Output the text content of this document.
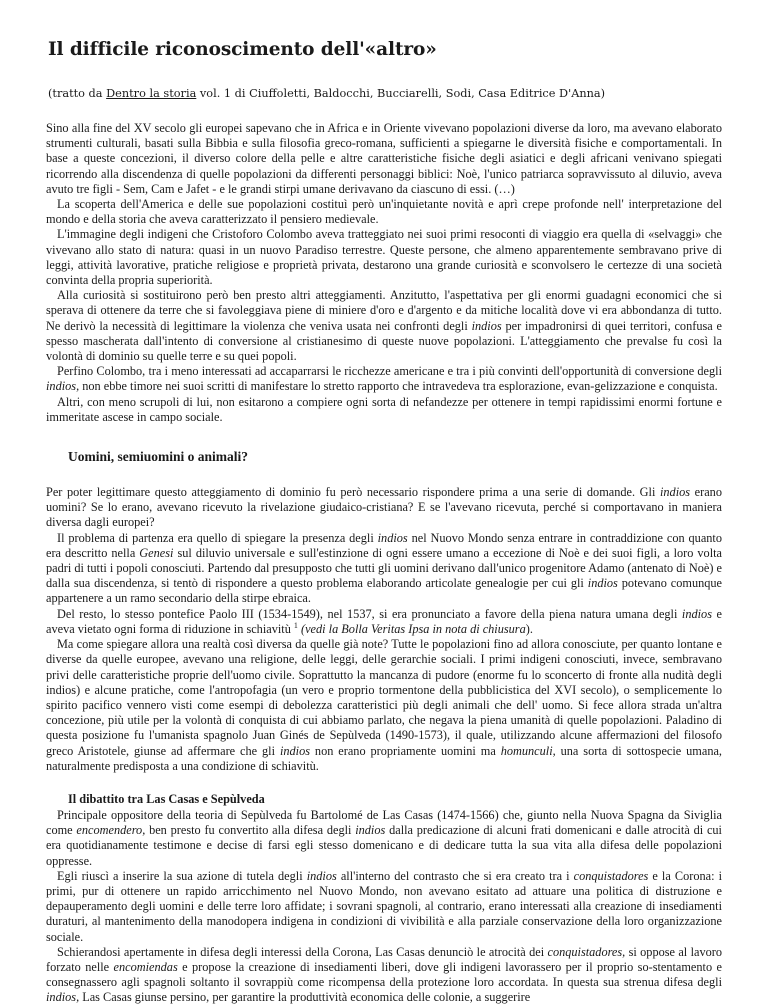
Il difficile riconoscimento dell'«altro»
(tratto da Dentro la storia vol. 1 di Ciuffoletti, Baldocchi, Bucciarelli, Sodi, Casa Editrice D'Anna)

Sino alla fine del XV secolo gli europei sapevano che in Africa e in Oriente vivevano popolazioni diverse da loro, ma avevano elaborato strumenti culturali, basati sulla Bibbia e sulla filosofia greco-romana, sufficienti a spiegarne le diversità fisiche e comportamentali. In base a queste concezioni, il diverso colore della pelle e altre caratteristiche fisiche degli asiatici e degli africani venivano spiegati ricorrendo alla discendenza di quelle popolazioni da differenti personaggi biblici: Noè, l'unico patriarca sopravvissuto al diluvio, aveva avuto tre figli - Sem, Cam e Jafet - e le grandi stirpi umane derivavano da ciascuno di essi. (…)

La scoperta dell'America e delle sue popolazioni costituì però un'inquietante novità e aprì crepe profonde nell' interpretazione del mondo e della storia che aveva caratterizzato il pensiero medievale.

L'immagine degli indigeni che Cristoforo Colombo aveva tratteggiato nei suoi primi resoconti di viaggio era quella di «selvaggi» che vivevano allo stato di natura: quasi in un nuovo Paradiso terrestre. Queste persone, che almeno apparentemente sembravano prive di leggi, attività lavorative, pratiche religiose e proprietà privata, destarono una grande curiosità e sconvolsero le certezze di una società convinta della propria superiorità.

Alla curiosità si sostituirono però ben presto altri atteggiamenti. Anzitutto, l'aspettativa per gli enormi guadagni economici che si sperava di ottenere da terre che si favoleggiava piene di miniere d'oro e d'argento e da mitiche località dove vi era abbondanza di tutto. Ne derivò la necessità di legittimare la violenza che veniva usata nei confronti degli indios per impadronirsi di quei territori, confusa e spesso mascherata dall'intento di conversione al cristianesimo di queste nuove popolazioni. L'atteggiamento che prevalse fu così la volontà di dominio su quelle terre e su quei popoli.

Perfino Colombo, tra i meno interessati ad accaparrarsi le ricchezze americane e tra i più convinti dell'opportunità di conversione degli indios, non ebbe timore nei suoi scritti di manifestare lo stretto rapporto che intravedeva tra esplorazione, evan-gelizzazione e conquista.

Altri, con meno scrupoli di lui, non esitarono a compiere ogni sorta di nefandezze per ottenere in tempi rapidissimi enormi fortune e immeritate ascese in campo sociale.

Uomini, semiuomini o animali?

Per poter legittimare questo atteggiamento di dominio fu però necessario rispondere prima a una serie di domande. Gli indios erano uomini? Se lo erano, avevano ricevuto la rivelazione giudaico-cristiana? E se l'avevano ricevuta, perché si comportavano in maniera diversa dagli europei?

Il problema di partenza era quello di spiegare la presenza degli indios nel Nuovo Mondo senza entrare in contraddizione con quanto era descritto nella Genesi sul diluvio universale e sull'estinzione di ogni essere umano a eccezione di Noè e dei suoi figli, a loro volta padri di tutti i popoli conosciuti. Partendo dal presupposto che tutti gli uomini derivano dall'unico progenitore Adamo (antenato di Noè) e dalla sua discendenza, si tentò di rispondere a questo problema elaborando articolate genealogie per cui gli indios potevano comunque appartenere a un ramo secondario della stirpe ebraica.

Del resto, lo stesso pontefice Paolo III (1534-1549), nel 1537, si era pronunciato a favore della piena natura umana degli indios e aveva vietato ogni forma di riduzione in schiavitù $^1$ (vedi la Bolla Veritas Ipsa in nota di chiusura).

Ma come spiegare allora una realtà così diversa da quelle già note? Tutte le popolazioni fino ad allora conosciute, per quanto lontane e diverse da quelle europee, avevano una religione, delle leggi, delle gerarchie sociali. I primi indigeni conosciuti, invece, sembravano privi delle caratteristiche proprie dell'uomo civile. Soprattutto la mancanza di pudore (enorme fu lo sconcerto di fronte alla nudità degli indios) e alcune pratiche, come l'antropofagia (un vero e proprio tormentone della pubblicistica del XVI secolo), o semplicemente lo spirito pacifico vennero visti come esempi di debolezza caratteristici più degli animali che dell' uomo. Si fece allora strada un'altra concezione, più utile per la volontà di conquista di cui abbiamo parlato, che negava la piena umanità di quelle popolazioni. Paladino di questa posizione fu l'umanista spagnolo Juan Ginés de Sepùlveda (1490-1573), il quale, utilizzando alcune affermazioni del filosofo greco Aristotele, giunse ad affermare che gli indios non erano propriamente uomini ma homunculi, una sorta di sottospecie umana, naturalmente predisposta a una condizione di schiavitù.

Il dibattito tra Las Casas e Sepùlveda

Principale oppositore della teoria di Sepùlveda fu Bartolomé de Las Casas (1474-1566) che, giunto nella Nuova Spagna da Siviglia come encomendero, ben presto fu convertito alla difesa degli indios dalla predicazione di alcuni frati domenicani e dalle atrocità di cui era quotidianamente testimone e decise di farsi egli stesso domenicano e di dedicare tutta la sua vita alla difesa delle popolazioni oppresse.

Egli riuscì a inserire la sua azione di tutela degli indios all'interno del contrasto che si era creato tra i conquistadores e la Corona: i primi, pur di ottenere un rapido arricchimento nel Nuovo Mondo, non avevano esitato ad attuare una politica di distruzione e depauperamento degli uomini e delle terre loro affidate; i sovrani spagnoli, al contrario, erano interessati alla creazione di insediamenti duraturi, al mantenimento della manodopera indigena in condizioni di vivibilità e alla parziale conservazione della loro organizzazione sociale.

Schierandosi apertamente in difesa degli interessi della Corona, Las Casas denunciò le atrocità dei conquistadores, si oppose al lavoro forzato nelle encomiendas e propose la creazione di insediamenti liberi, dove gli indigeni lavorassero per il proprio so-stentamento e consegnassero agli spagnoli soltanto il sovrappiù come ricompensa della protezione loro accordata. In questa sua strenua difesa degli indios, Las Casas giunse persino, per garantire la produttività economica delle colonie, a suggerire
